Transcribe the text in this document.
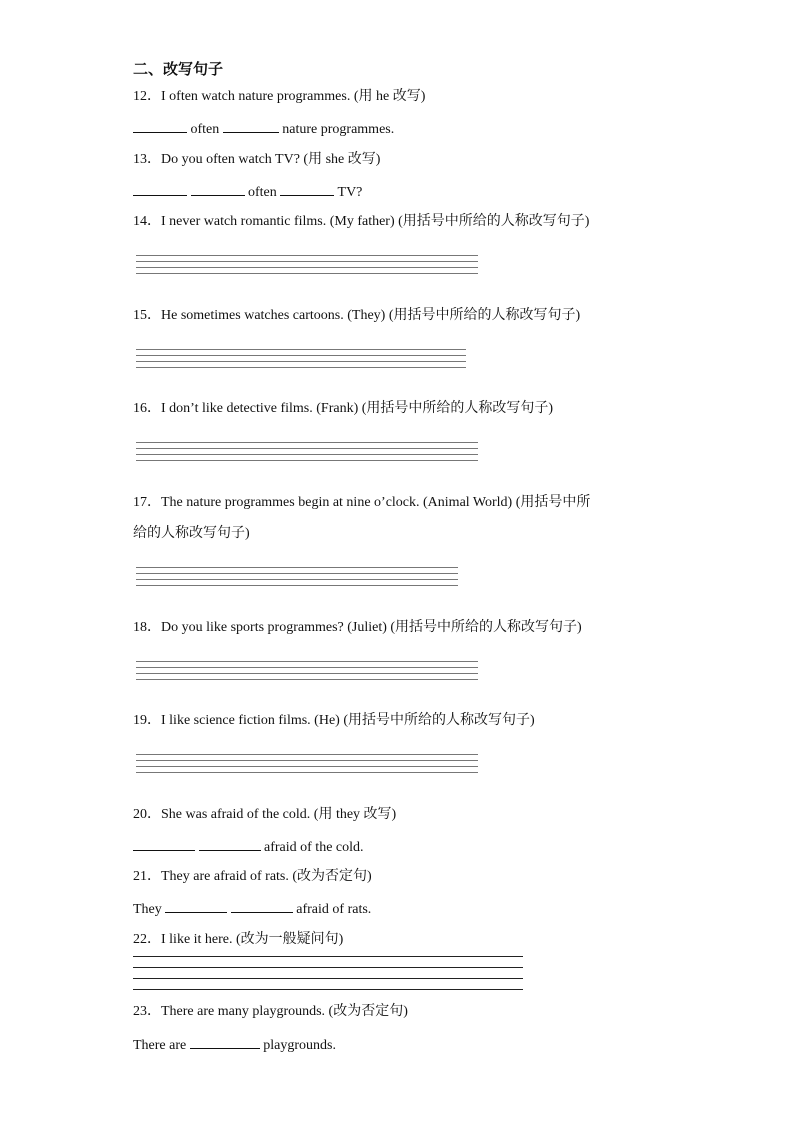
二、改写句子
12．I often watch nature programmes. (用 he 改写)
often	nature programmes.
13．Do you often watch TV? (用 she 改写)
often	TV?
14．I never watch romantic films. (My father) (用括号中所给的人称改写句子)
15．He sometimes watches cartoons. (They) (用括号中所给的人称改写句子)
16．I don’t like detective films. (Frank) (用括号中所给的人称改写句子)
17．The nature programmes begin at nine o’clock. (Animal World) (用括号中所
给的人称改写句子)
18．Do you like sports programmes? (Juliet) (用括号中所给的人称改写句子)
19．I like science fiction films. (He) (用括号中所给的人称改写句子)
20．She was afraid of the cold. (用 they 改写)
afraid of the cold.
21．They are afraid of rats. (改为否定句)
They	afraid of rats.
22．I like it here. (改为一般疑问句)
23．There are many playgrounds. (改为否定句)
There are	playgrounds.
